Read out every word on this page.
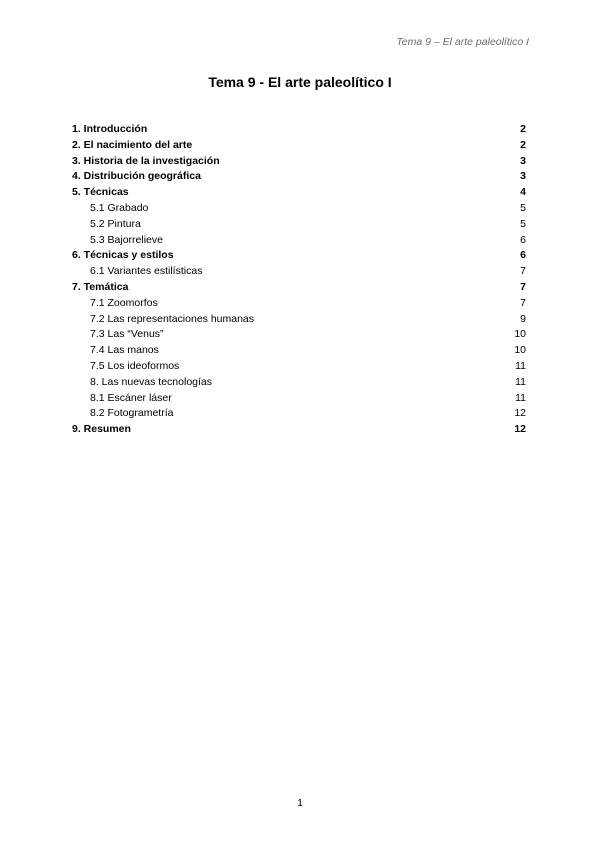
Tema 9 – El arte paleolítico I
Tema 9 - El arte paleolítico I
1. Introducción	2
2. El nacimiento del arte	2
3. Historia de la investigación	3
4. Distribución geográfica	3
5. Técnicas	4
5.1 Grabado	5
5.2 Pintura	5
5.3 Bajorrelieve	6
6. Técnicas y estilos	6
6.1 Variantes estilísticas	7
7. Temática	7
7.1 Zoomorfos	7
7.2 Las representaciones humanas	9
7.3 Las “Venus”	10
7.4 Las manos	10
7.5 Los ideoformos	11
8. Las nuevas tecnologías	11
8.1 Escáner láser	11
8.2 Fotogrametría	12
9. Resumen	12
1
